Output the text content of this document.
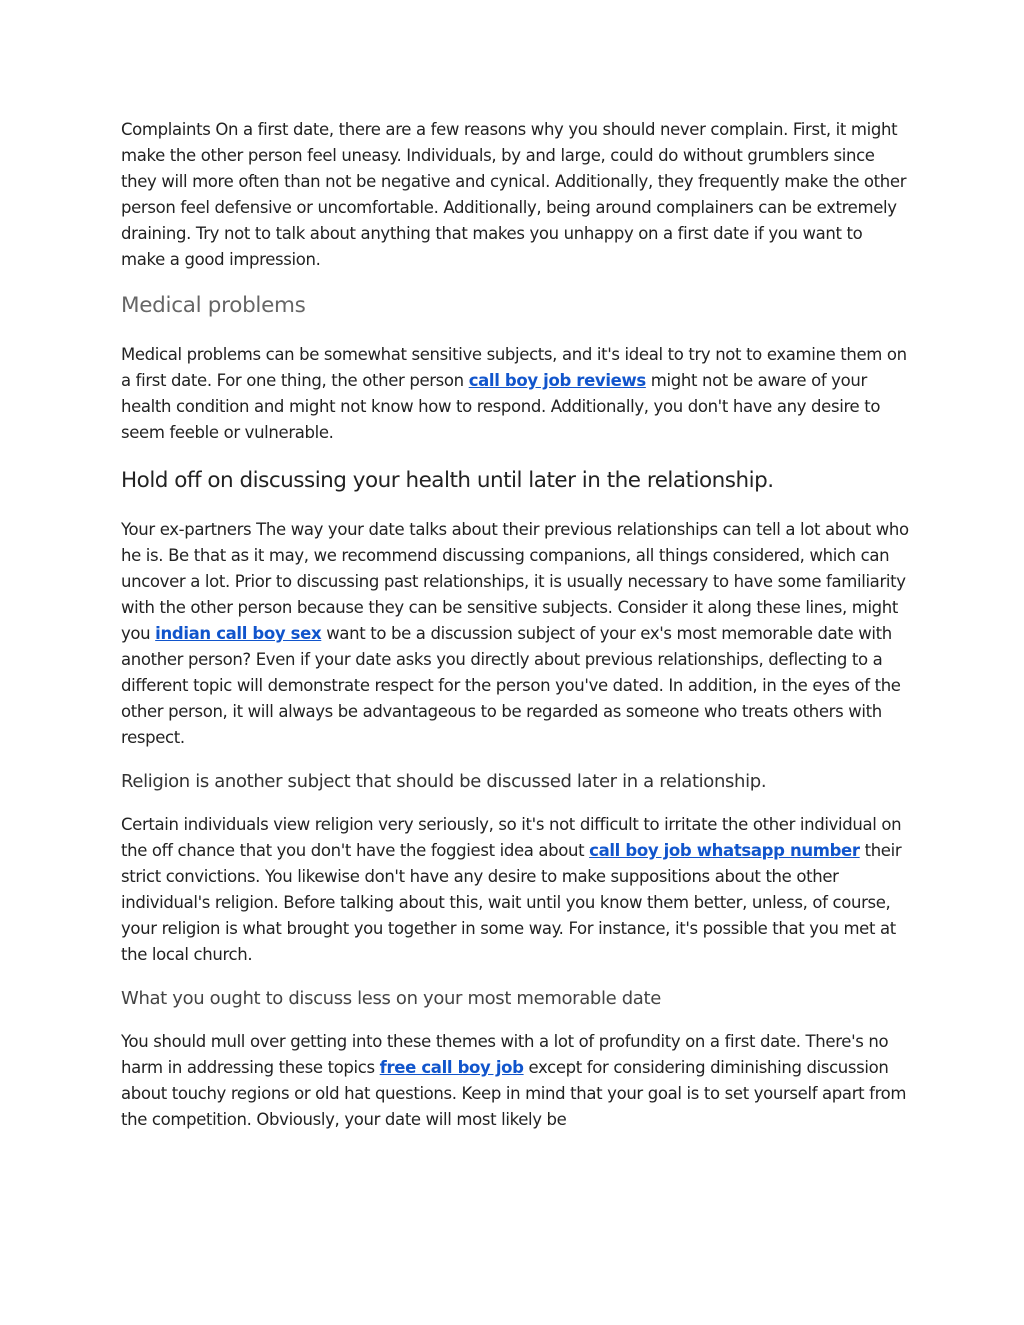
Complaints On a first date, there are a few reasons why you should never complain. First, it might make the other person feel uneasy. Individuals, by and large, could do without grumblers since they will more often than not be negative and cynical. Additionally, they frequently make the other person feel defensive or uncomfortable. Additionally, being around complainers can be extremely draining. Try not to talk about anything that makes you unhappy on a first date if you want to make a good impression.

Medical problems

Medical problems can be somewhat sensitive subjects, and it's ideal to try not to examine them on a first date. For one thing, the other person call boy job reviews might not be aware of your health condition and might not know how to respond. Additionally, you don't have any desire to seem feeble or vulnerable.

Hold off on discussing your health until later in the relationship.

Your ex-partners The way your date talks about their previous relationships can tell a lot about who he is. Be that as it may, we recommend discussing companions, all things considered, which can uncover a lot. Prior to discussing past relationships, it is usually necessary to have some familiarity with the other person because they can be sensitive subjects. Consider it along these lines, might you indian call boy sex want to be a discussion subject of your ex's most memorable date with another person? Even if your date asks you directly about previous relationships, deflecting to a different topic will demonstrate respect for the person you've dated. In addition, in the eyes of the other person, it will always be advantageous to be regarded as someone who treats others with respect.

Religion is another subject that should be discussed later in a relationship.

Certain individuals view religion very seriously, so it's not difficult to irritate the other individual on the off chance that you don't have the foggiest idea about call boy job whatsapp number their strict convictions. You likewise don't have any desire to make suppositions about the other individual's religion. Before talking about this, wait until you know them better, unless, of course, your religion is what brought you together in some way. For instance, it's possible that you met at the local church.

What you ought to discuss less on your most memorable date

You should mull over getting into these themes with a lot of profundity on a first date. There's no harm in addressing these topics free call boy job except for considering diminishing discussion about touchy regions or old hat questions. Keep in mind that your goal is to set yourself apart from the competition. Obviously, your date will most likely be
